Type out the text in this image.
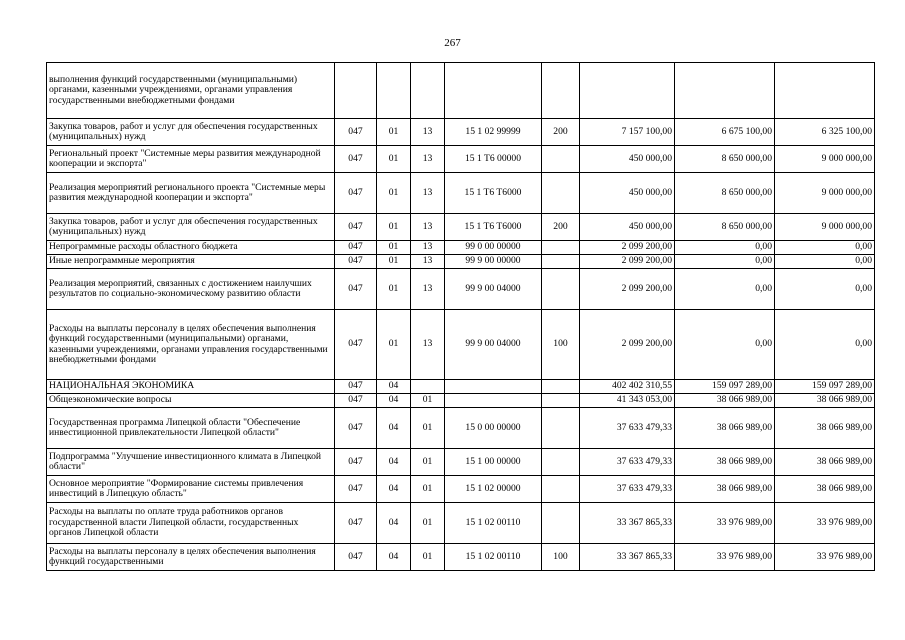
267
выполнения функций государственными (муниципальными) органами, казенными учреждениями, органами управления государственными внебюджетными фондами								
Закупка товаров, работ и услуг для обеспечения государственных (муниципальных) нужд	047	01	13	15 1 02 99999	200	7 157 100,00	6 675 100,00	6 325 100,00
Региональный проект "Системные меры развития международной кооперации и экспорта"	047	01	13	15 1 T6 00000		450 000,00	8 650 000,00	9 000 000,00
Реализация мероприятий регионального проекта "Системные меры развития международной кооперации и экспорта"	047	01	13	15 1 T6 T6000		450 000,00	8 650 000,00	9 000 000,00
Закупка товаров, работ и услуг для обеспечения государственных (муниципальных) нужд	047	01	13	15 1 T6 T6000	200	450 000,00	8 650 000,00	9 000 000,00
Непрограммные расходы областного бюджета	047	01	13	99 0 00 00000		2 099 200,00	0,00	0,00
Иные непрограммные мероприятия	047	01	13	99 9 00 00000		2 099 200,00	0,00	0,00
Реализация мероприятий, связанных с достижением наилучших результатов по социально-экономическому развитию области	047	01	13	99 9 00 04000		2 099 200,00	0,00	0,00
Расходы на выплаты персоналу в целях обеспечения выполнения функций государственными (муниципальными) органами, казенными учреждениями, органами управления государственными внебюджетными фондами	047	01	13	99 9 00 04000	100	2 099 200,00	0,00	0,00
НАЦИОНАЛЬНАЯ ЭКОНОМИКА	047	04				402 402 310,55	159 097 289,00	159 097 289,00
Общеэкономические вопросы	047	04	01			41 343 053,00	38 066 989,00	38 066 989,00
Государственная программа Липецкой области "Обеспечение инвестиционной привлекательности Липецкой области"	047	04	01	15 0 00 00000		37 633 479,33	38 066 989,00	38 066 989,00
Подпрограмма "Улучшение инвестиционного климата в Липецкой области"	047	04	01	15 1 00 00000		37 633 479,33	38 066 989,00	38 066 989,00
Основное мероприятие "Формирование системы привлечения инвестиций в Липецкую область"	047	04	01	15 1 02 00000		37 633 479,33	38 066 989,00	38 066 989,00
Расходы на выплаты по оплате труда работников органов государственной власти Липецкой области, государственных органов Липецкой области	047	04	01	15 1 02 00110		33 367 865,33	33 976 989,00	33 976 989,00
Расходы на выплаты персоналу в целях обеспечения выполнения функций государственными	047	04	01	15 1 02 00110	100	33 367 865,33	33 976 989,00	33 976 989,00
